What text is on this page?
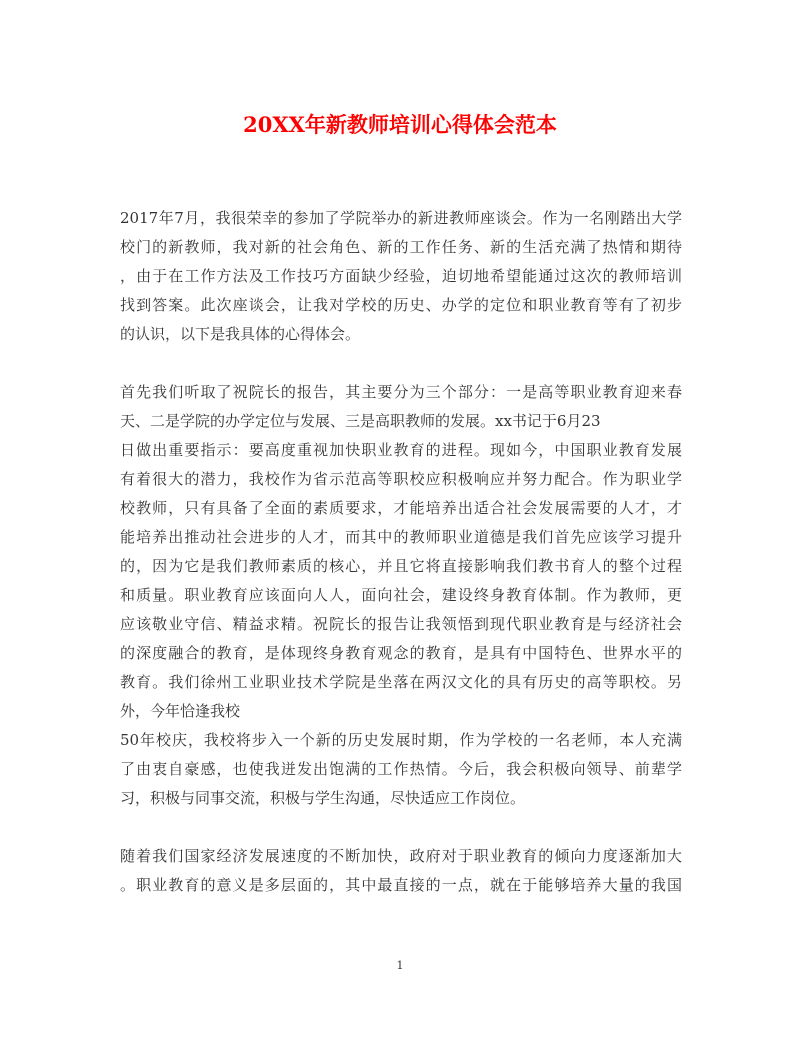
20XX年新教师培训心得体会范本
2017年7月，我很荣幸的参加了学院举办的新进教师座谈会。作为一名刚踏出大学
校门的新教师，我对新的社会角色、新的工作任务、新的生活充满了热情和期待
，由于在工作方法及工作技巧方面缺少经验，迫切地希望能通过这次的教师培训
找到答案。此次座谈会，让我对学校的历史、办学的定位和职业教育等有了初步
的认识，以下是我具体的心得体会。
首先我们听取了祝院长的报告，其主要分为三个部分：一是高等职业教育迎来春
天、二是学院的办学定位与发展、三是高职教师的发展。xx书记于6月23
日做出重要指示：要高度重视加快职业教育的进程。现如今，中国职业教育发展
有着很大的潜力，我校作为省示范高等职校应积极响应并努力配合。作为职业学
校教师，只有具备了全面的素质要求，才能培养出适合社会发展需要的人才，才
能培养出推动社会进步的人才，而其中的教师职业道德是我们首先应该学习提升
的，因为它是我们教师素质的核心，并且它将直接影响我们教书育人的整个过程
和质量。职业教育应该面向人人，面向社会，建设终身教育体制。作为教师，更
应该敬业守信、精益求精。祝院长的报告让我领悟到现代职业教育是与经济社会
的深度融合的教育，是体现终身教育观念的教育，是具有中国特色、世界水平的
教育。我们徐州工业职业技术学院是坐落在两汉文化的具有历史的高等职校。另
外，今年恰逢我校
50年校庆，我校将步入一个新的历史发展时期，作为学校的一名老师，本人充满
了由衷自豪感，也使我迸发出饱满的工作热情。今后，我会积极向领导、前辈学
习，积极与同事交流，积极与学生沟通，尽快适应工作岗位。
随着我们国家经济发展速度的不断加快，政府对于职业教育的倾向力度逐渐加大
。职业教育的意义是多层面的，其中最直接的一点，就在于能够培养大量的我国
1
